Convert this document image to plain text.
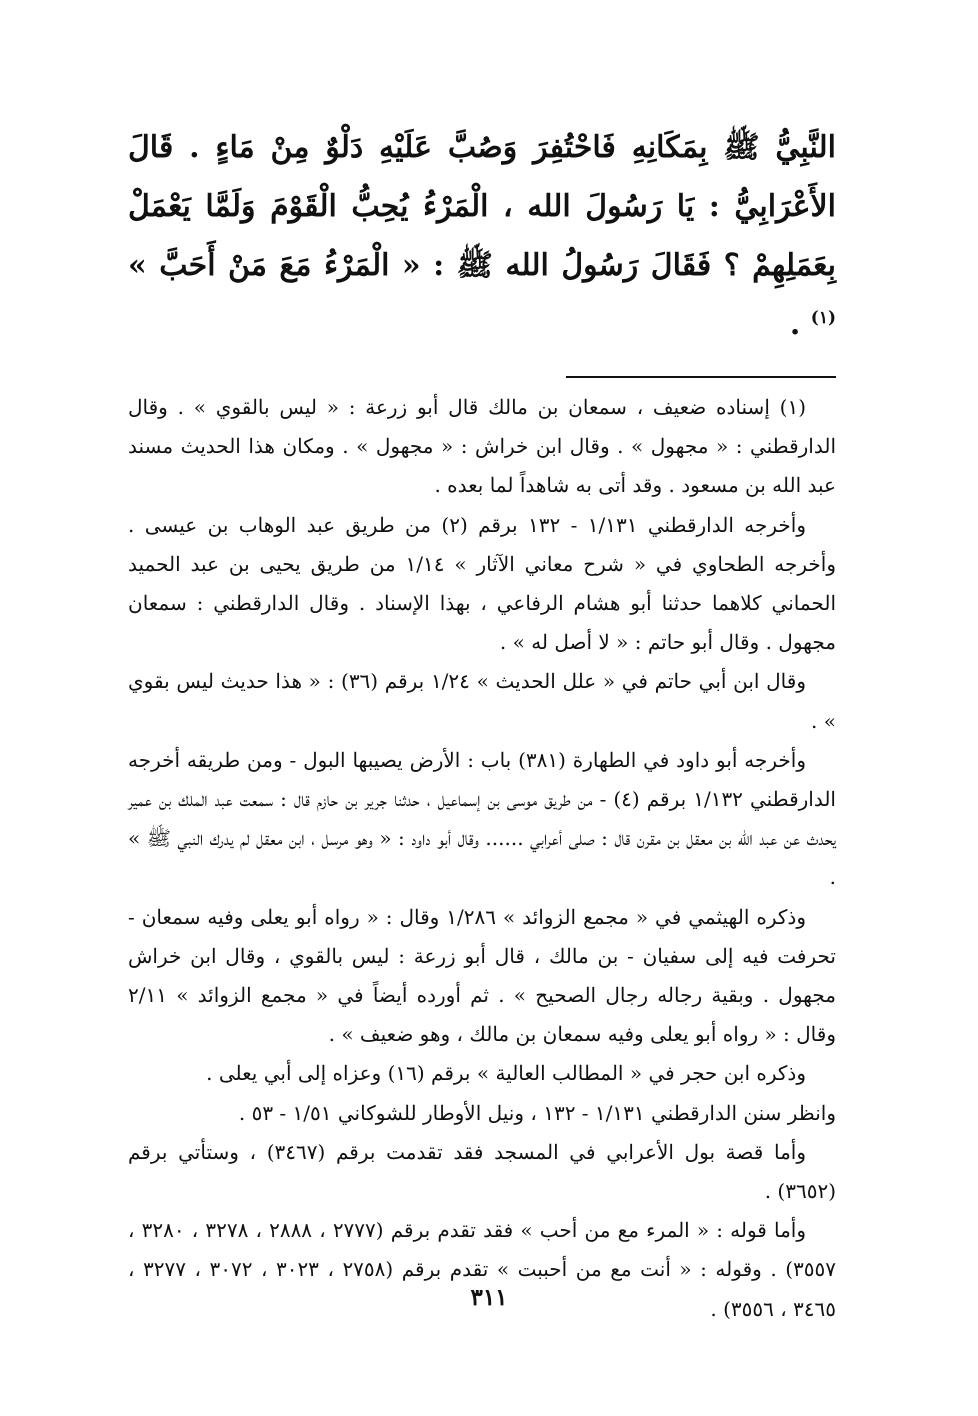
النَّبِيُّ ﷺ بِمَكَانِهِ فَاحْتُفِرَ وَصُبَّ عَلَيْهِ دَلْوٌ مِنْ مَاءٍ . قَالَ الأَعْرَابِيُّ : يَا رَسُولَ الله ، الْمَرْءُ يُحِبُّ الْقَوْمَ وَلَمَّا يَعْمَلْ بِعَمَلِهِمْ ؟ فَقَالَ رَسُولُ الله ﷺ : « الْمَرْءُ مَعَ مَنْ أَحَبَّ » $^{(١)}$ .

(١) إسناده ضعيف ، سمعان بن مالك قال أبو زرعة : « ليس بالقوي » . وقال الدارقطني : « مجهول » . وقال ابن خراش : « مجهول » . ومكان هذا الحديث مسند عبد الله بن مسعود . وقد أتى به شاهداً لما بعده .

وأخرجه الدارقطني ١/١٣١ - ١٣٢ برقم (٢) من طريق عبد الوهاب بن عيسى . وأخرجه الطحاوي في « شرح معاني الآثار » ١/١٤ من طريق يحيى بن عبد الحميد الحماني كلاهما حدثنا أبو هشام الرفاعي ، بهذا الإسناد . وقال الدارقطني : سمعان مجهول . وقال أبو حاتم : « لا أصل له » .

وقال ابن أبي حاتم في « علل الحديث » ١/٢٤ برقم (٣٦) : « هذا حديث ليس بقوي » .

وأخرجه أبو داود في الطهارة (٣٨١) باب : الأرض يصيبها البول - ومن طريقه أخرجه الدارقطني ١/١٣٢ برقم (٤) - من طريق موسى بن إسماعيل ، حدثنا جرير بن حازم قال : سمعت عبد الملك بن عمير يحدث عن عبد الله بن معقل بن مقرن قال : صلى أعرابي ...... وقال أبو داود : « وهو مرسل ، ابن معقل لم يدرك النبي ﷺ » .

وذكره الهيثمي في « مجمع الزوائد » ١/٢٨٦ وقال : « رواه أبو يعلى وفيه سمعان - تحرفت فيه إلى سفيان - بن مالك ، قال أبو زرعة : ليس بالقوي ، وقال ابن خراش مجهول . وبقية رجاله رجال الصحيح » . ثم أورده أيضاً في « مجمع الزوائد » ٢/١١ وقال : « رواه أبو يعلى وفيه سمعان بن مالك ، وهو ضعيف » .

وذكره ابن حجر في « المطالب العالية » برقم (١٦) وعزاه إلى أبي يعلى .

وانظر سنن الدارقطني ١/١٣١ - ١٣٢ ، ونيل الأوطار للشوكاني ١/٥١ - ٥٣ .

وأما قصة بول الأعرابي في المسجد فقد تقدمت برقم (٣٤٦٧) ، وستأتي برقم (٣٦٥٢) .

وأما قوله : « المرء مع من أحب » فقد تقدم برقم (٢٧٧٧ ، ٢٨٨٨ ، ٣٢٧٨ ، ٣٢٨٠ ، ٣٥٥٧) . وقوله : « أنت مع من أحببت » تقدم برقم (٢٧٥٨ ، ٣٠٢٣ ، ٣٠٧٢ ، ٣٢٧٧ ، ٣٤٦٥ ، ٣٥٥٦) .

٣١١
